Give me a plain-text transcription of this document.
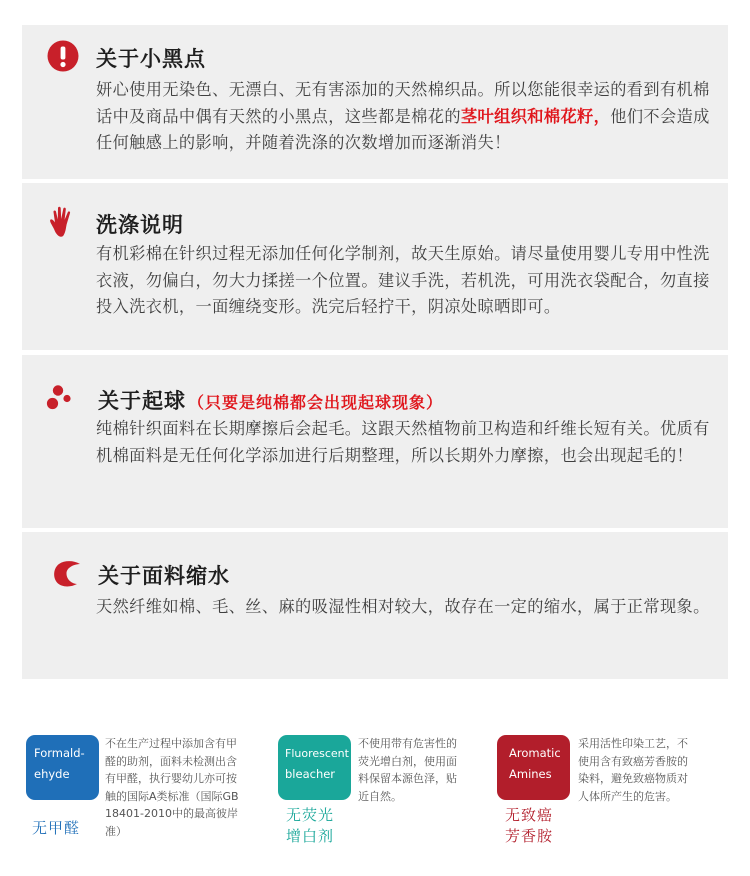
关于小黑点

妍心使用无染色、无漂白、无有害添加的天然棉织品。所以您能很幸运的看到有机棉话中及商品中偶有天然的小黑点，这些都是棉花的茎叶组织和棉花籽，他们不会造成任何触感上的影响，并随着洗涤的次数增加而逐渐消失！

洗涤说明

有机彩棉在针织过程无添加任何化学制剂，故天生原始。请尽量使用婴儿专用中性洗衣液，勿偏白，勿大力揉搓一个位置。建议手洗，若机洗，可用洗衣袋配合，勿直接投入洗衣机，一面缠绕变形。洗完后轻拧干，阴凉处晾晒即可。

关于起球 （只要是纯棉都会出现起球现象）

纯棉针织面料在长期摩擦后会起毛。这跟天然植物前卫构造和纤维长短有关。优质有机棉面料是无任何化学添加进行后期整理，所以长期外力摩擦，也会出现起毛的！

关于面料缩水

天然纤维如棉、毛、丝、麻的吸湿性相对较大，故存在一定的缩水，属于正常现象。

Formald-
ehyde
无甲醛
不在生产过程中添加含有甲醛的助剂，面料未检测出含有甲醛，执行婴幼儿亦可按触的国际A类标准（国际GB 18401-2010中的最高彼岸准）
Fluorescent
bleacher
无荧光
增白剂
不使用带有危害性的荧光增白剂，使用面料保留本源色泽，贴近自然。
Aromatic
Amines
无致癌
芳香胺
采用活性印染工艺，不使用含有致癌芳香胺的染料，避免致癌物质对人体所产生的危害。
